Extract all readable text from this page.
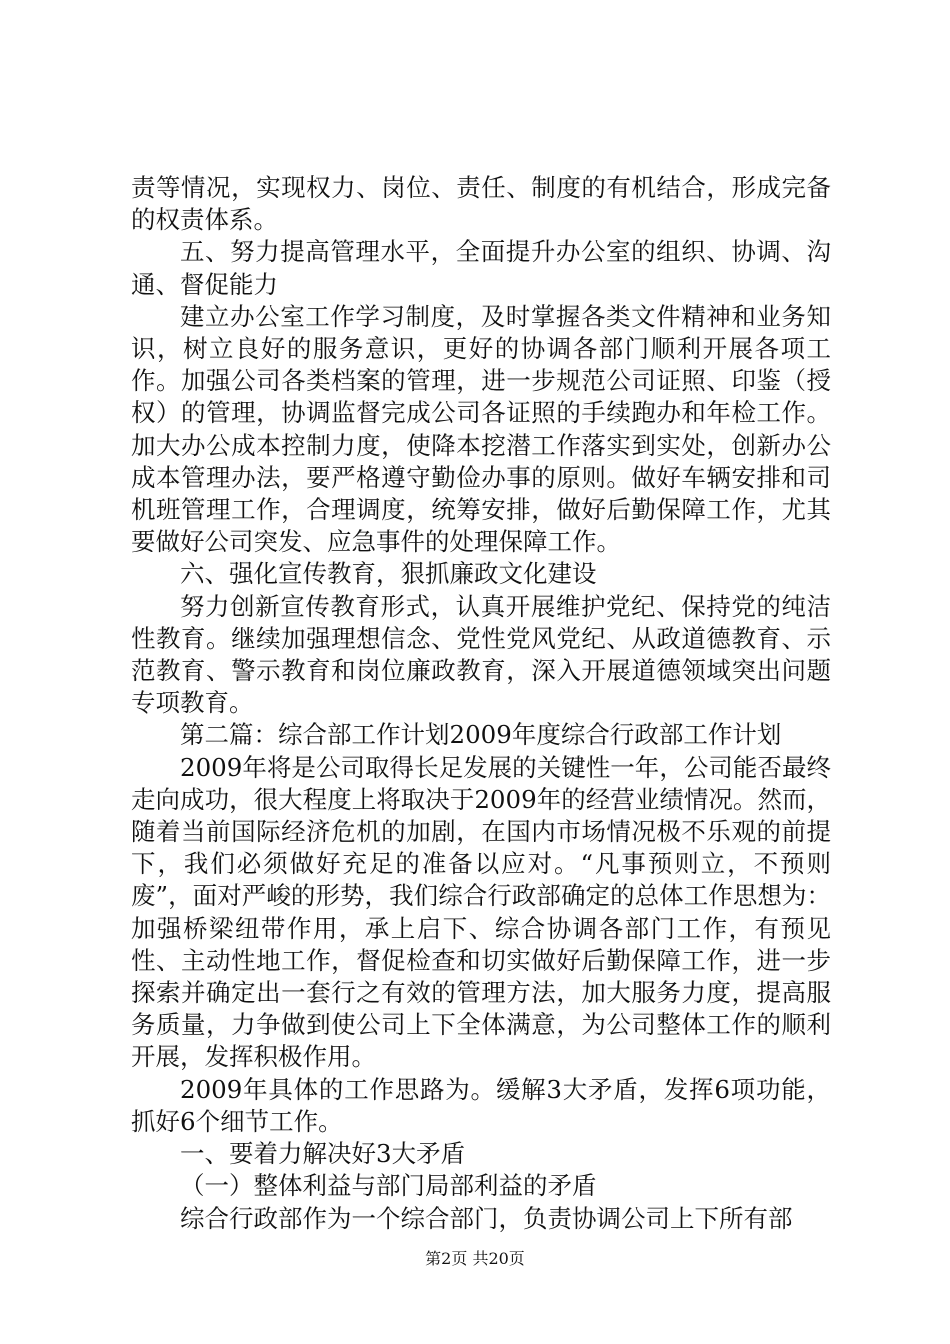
责等情况，实现权力、岗位、责任、制度的有机结合，形成完备的权责体系。

五、努力提高管理水平，全面提升办公室的组织、协调、沟通、督促能力

建立办公室工作学习制度，及时掌握各类文件精神和业务知识，树立良好的服务意识，更好的协调各部门顺利开展各项工作。加强公司各类档案的管理，进一步规范公司证照、印鉴（授权）的管理，协调监督完成公司各证照的手续跑办和年检工作。加大办公成本控制力度，使降本挖潜工作落实到实处，创新办公成本管理办法，要严格遵守勤俭办事的原则。做好车辆安排和司机班管理工作，合理调度，统筹安排，做好后勤保障工作，尤其要做好公司突发、应急事件的处理保障工作。

六、强化宣传教育，狠抓廉政文化建设

努力创新宣传教育形式，认真开展维护党纪、保持党的纯洁性教育。继续加强理想信念、党性党风党纪、从政道德教育、示范教育、警示教育和岗位廉政教育，深入开展道德领域突出问题专项教育。

第二篇：综合部工作计划2009年度综合行政部工作计划

2009年将是公司取得长足发展的关键性一年，公司能否最终走向成功，很大程度上将取决于2009年的经营业绩情况。然而，随着当前国际经济危机的加剧，在国内市场情况极不乐观的前提下，我们必须做好充足的准备以应对。“凡事预则立，不预则废”，面对严峻的形势，我们综合行政部确定的总体工作思想为：加强桥梁纽带作用，承上启下、综合协调各部门工作，有预见性、主动性地工作，督促检查和切实做好后勤保障工作，进一步探索并确定出一套行之有效的管理方法，加大服务力度，提高服务质量，力争做到使公司上下全体满意，为公司整体工作的顺利开展，发挥积极作用。

2009年具体的工作思路为。缓解3大矛盾，发挥6项功能，抓好6个细节工作。

一、要着力解决好3大矛盾

（一）整体利益与部门局部利益的矛盾

综合行政部作为一个综合部门，负责协调公司上下所有部

第2页 共20页
